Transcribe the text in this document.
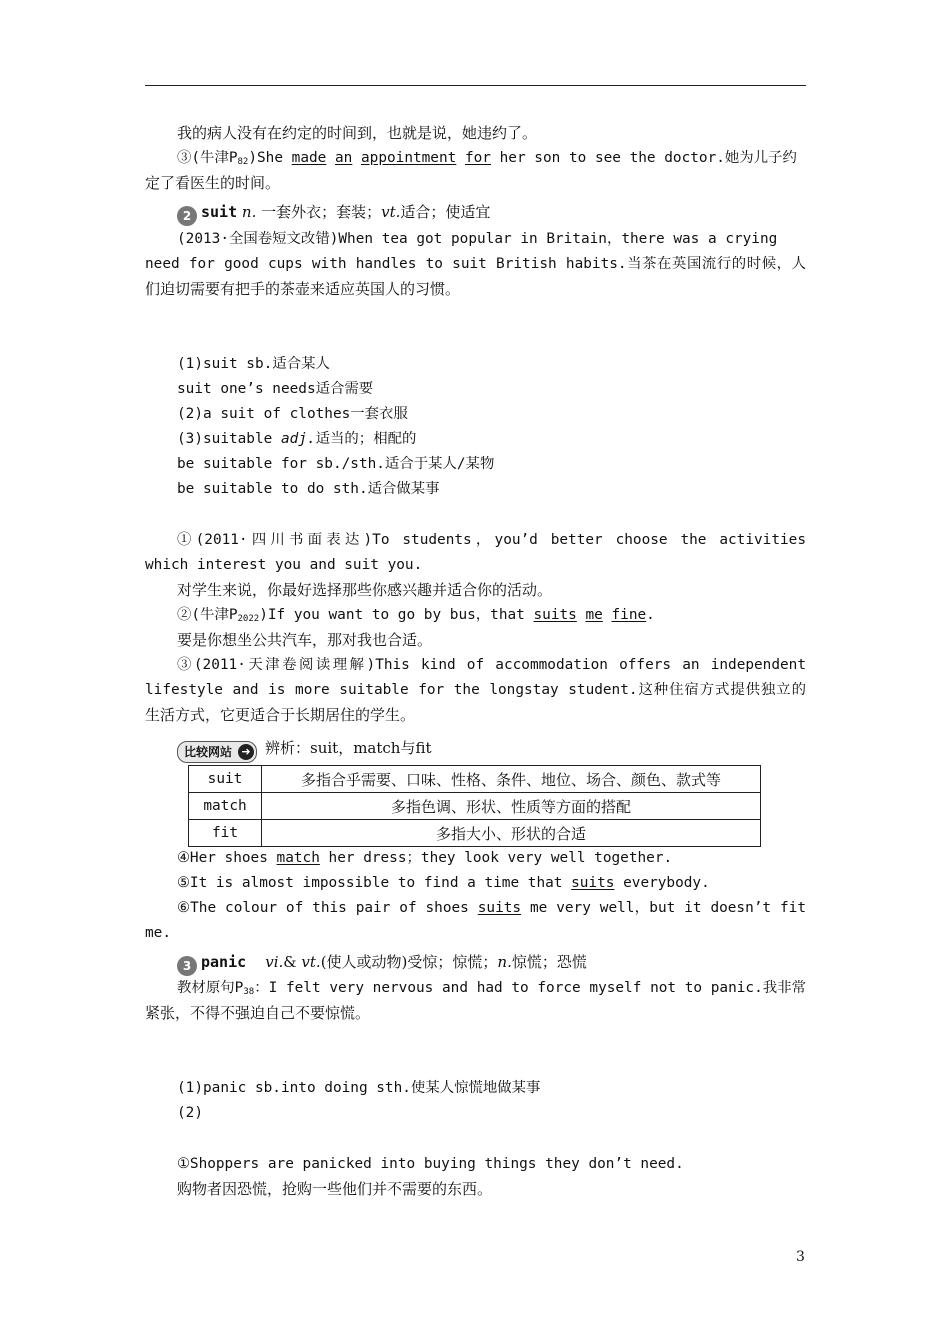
我的病人没有在约定的时间到，也就是说，她违约了。
③(牛津$P_{82})She$ made an appointment for her son to see the doctor.她为儿子约
定了看医生的时间。
2 suit n. 一套外衣；套装；vt.适合；使适宜
(2013·全国卷短文改错)When tea got popular in Britain，there was a crying
need for good cups with handles to suit British habits.当茶在英国流行的时候，人
们迫切需要有把手的茶壶来适应英国人的习惯。
(1)suit sb.适合某人
suit one’s needs适合需要
(2)a suit of clothes一套衣服
(3)suitable adj.适当的；相配的
be suitable for sb./sth.适合于某人/某物
be suitable to do sth.适合做某事
①(2011·四川书面表达)To students，you’d better choose the activities
which interest you and suit you.
对学生来说，你最好选择那些你感兴趣并适合你的活动。
②(牛津$P_{2022})If$ you want to go by bus，that suits me fine.
要是你想坐公共汽车，那对我也合适。
③(2011·天津卷阅读理解)This kind of accommodation offers an independent
lifestyle and is more suitable for the longstay student.这种住宿方式提供独立的
生活方式，它更适合于长期居住的学生。
比较网站 ➜ 辨析：suit，match与fit
suit	多指合乎需要、口味、性格、条件、地位、场合、颜色、款式等
match	多指色调、形状、性质等方面的搭配
fit	多指大小、形状的合适
④Her shoes match her dress；they look very well together.
⑤It is almost impossible to find a time that suits everybody.
⑥The colour of this pair of shoes suits me very well，but it doesn’t fit
me.
3 panic vi.& vt.(使人或动物)受惊；惊慌；n.惊慌；恐慌
教材原句$P_{38}$：I felt very nervous and had to force myself not to panic.我非常
紧张，不得不强迫自己不要惊慌。
(1)panic sb.into doing sth.使某人惊慌地做某事
(2)
①Shoppers are panicked into buying things they don’t need.
购物者因恐慌，抢购一些他们并不需要的东西。
3
